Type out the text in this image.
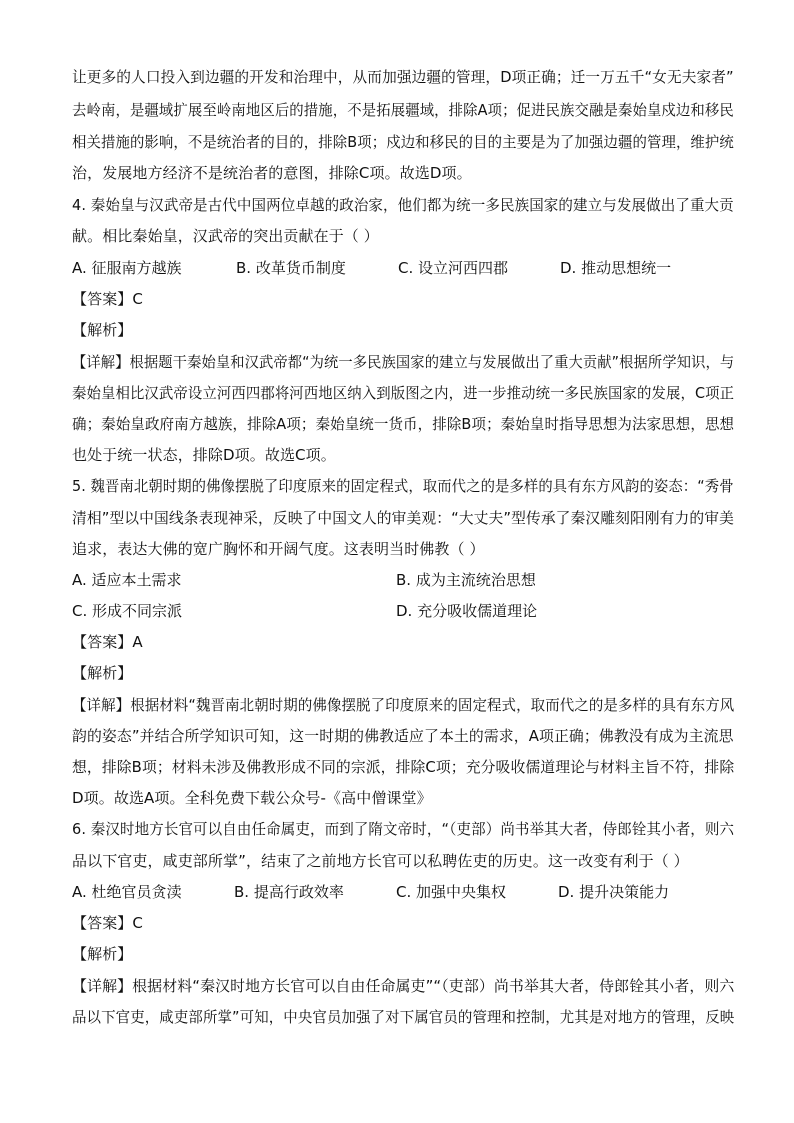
让更多的人口投入到边疆的开发和治理中，从而加强边疆的管理，D项正确；迁一万五千“女无夫家者”
去岭南，是疆域扩展至岭南地区后的措施，不是拓展疆域，排除A项；促进民族交融是秦始皇戍边和移民
相关措施的影响，不是统治者的目的，排除B项；戍边和移民的目的主要是为了加强边疆的管理，维护统
治，发展地方经济不是统治者的意图，排除C项。故选D项。
4. 秦始皇与汉武帝是古代中国两位卓越的政治家，他们都为统一多民族国家的建立与发展做出了重大贡
献。相比秦始皇，汉武帝的突出贡献在于（ ）
A. 征服南方越族	B. 改革货币制度	C. 设立河西四郡	D. 推动思想统一
【答案】C
【解析】
【详解】根据题干秦始皇和汉武帝都“为统一多民族国家的建立与发展做出了重大贡献”根据所学知识，与
秦始皇相比汉武帝设立河西四郡将河西地区纳入到版图之内，进一步推动统一多民族国家的发展，C项正
确；秦始皇政府南方越族，排除A项；秦始皇统一货币，排除B项；秦始皇时指导思想为法家思想，思想
也处于统一状态，排除D项。故选C项。
5. 魏晋南北朝时期的佛像摆脱了印度原来的固定程式，取而代之的是多样的具有东方风韵的姿态：“秀骨
清相”型以中国线条表现神采，反映了中国文人的审美观：“大丈夫”型传承了秦汉雕刻阳刚有力的审美
追求，表达大佛的宽广胸怀和开阔气度。这表明当时佛教（ ）
A. 适应本土需求	B. 成为主流统治思想
C. 形成不同宗派	D. 充分吸收儒道理论
【答案】A
【解析】
【详解】根据材料“魏晋南北朝时期的佛像摆脱了印度原来的固定程式，取而代之的是多样的具有东方风
韵的姿态”并结合所学知识可知，这一时期的佛教适应了本土的需求，A项正确；佛教没有成为主流思
想，排除B项；材料未涉及佛教形成不同的宗派，排除C项；充分吸收儒道理论与材料主旨不符，排除
D项。故选A项。全科免费下载公众号-《高中僧课堂》
6. 秦汉时地方长官可以自由任命属吏，而到了隋文帝时，“（吏部）尚书举其大者，侍郎铨其小者，则六
品以下官吏，咸吏部所掌”，结束了之前地方长官可以私聘佐吏的历史。这一改变有利于（ ）
A. 杜绝官员贪渎	B. 提高行政效率	C. 加强中央集权	D. 提升决策能力
【答案】C
【解析】
【详解】根据材料“秦汉时地方长官可以自由任命属吏”“（吏部）尚书举其大者，侍郎铨其小者，则六
品以下官吏，咸吏部所掌”可知，中央官员加强了对下属官员的管理和控制，尤其是对地方的管理，反映
